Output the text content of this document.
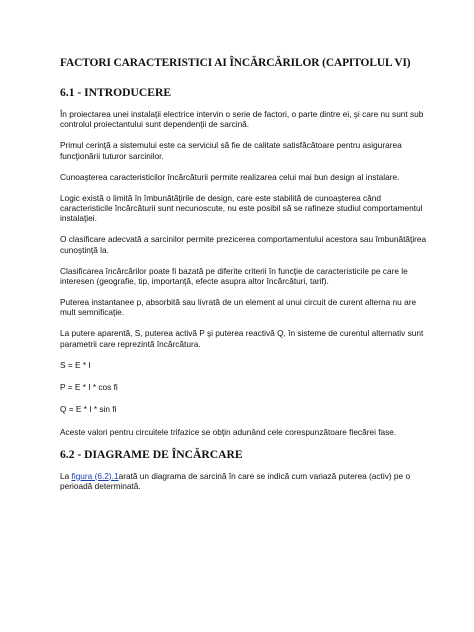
FACTORI CARACTERISTICI AI ÎNCĂRCĂRILOR (CAPITOLUL VI)
6.1 - INTRODUCERE

În proiectarea unei instalaţii electrice intervin o serie de factori, o parte dintre ei, şi care nu sunt sub controlul proiectantului sunt dependenţii de sarcină.

Primul cerinţă a sistemului este ca serviciul să fie de calitate satisfăcătoare pentru asigurarea funcţionării tuturor sarcinilor.

Cunoaşterea caracteristicilor încărcăturii permite realizarea celui mai bun design al instalare.

Logic există o limită în îmbunătăţirile de design, care este stabilită de cunoaşterea când caracteristicile încărcăturii sunt necunoscute, nu este posibil să se rafineze studiul comportamentul instalaţiei.

O clasificare adecvată a sarcinilor permite prezicerea comportamentului acestora sau îmbunătăţirea cunoştinţă la.

Clasificarea încărcărilor poate fi bazată pe diferite criterii în funcţie de caracteristicile pe care le interesen (geografie, tip, importanţă, efecte asupra altor încărcături, tarif).

Puterea instantanee p, absorbită sau livrată de un element al unui circuit de curent alterna nu are mult semnificaţie.

La putere aparentă, S, puterea activă P şi puterea reactivă Q, în sisteme de curentul alternativ sunt parametrii care reprezintă încărcătura.

S = E * I

P = E * I * cos fi

Q = E * I * sin fi

Aceste valori pentru circuitele trifazice se obţin adunând cele corespunzătoare fiecărei fase.

6.2 - DIAGRAME DE ÎNCĂRCARE

La figura (6.2).1arată un diagrama de sarcină în care se indică cum variază puterea (activ) pe o perioadă determinată.
